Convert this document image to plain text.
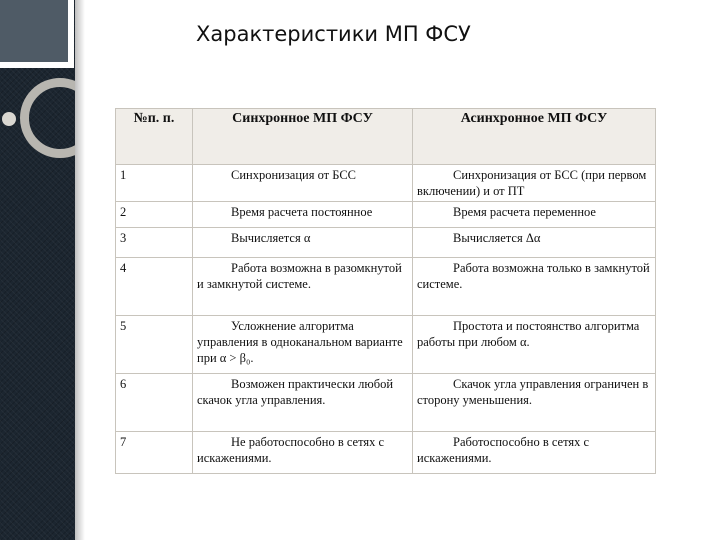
Характеристики МП ФСУ
№п. п.	Синхронное МП ФСУ	Асинхронное МП ФСУ
1	Синхронизация от БСС	Синхронизация от БСС (при первом включении) и от ПТ
2	Время расчета постоянное	Время расчета переменное
3	Вычисляется α	Вычисляется Δα
4	Работа возможна в разомкнутой и замкнутой системе.	Работа возможна только в замкнутой системе.
5	Усложнение алгоритма управления в одноканальном варианте при α > β₀.	Простота и постоянство алгоритма работы при любом α.
6	Возможен практически любой скачок угла управления.	Скачок угла управления ограничен в сторону уменьшения.
7	Не работоспособно в сетях с искажениями.	Работоспособно в сетях с искажениями.
